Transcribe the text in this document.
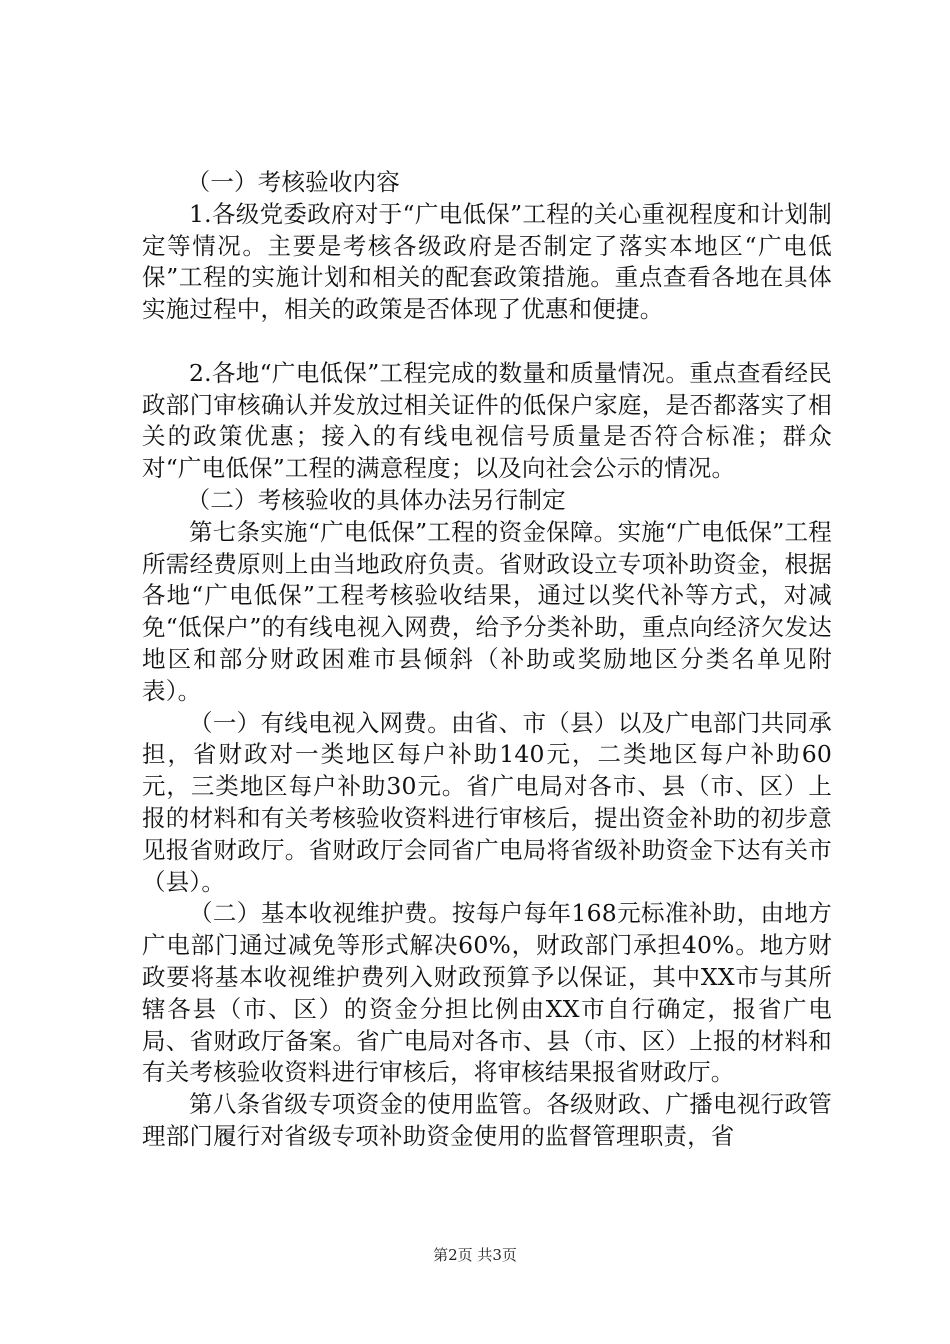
（一）考核验收内容

1.各级党委政府对于“广电低保”工程的关心重视程度和计划制定等情况。主要是考核各级政府是否制定了落实本地区“广电低保”工程的实施计划和相关的配套政策措施。重点查看各地在具体实施过程中，相关的政策是否体现了优惠和便捷。

2.各地“广电低保”工程完成的数量和质量情况。重点查看经民政部门审核确认并发放过相关证件的低保户家庭，是否都落实了相关的政策优惠；接入的有线电视信号质量是否符合标准；群众对“广电低保”工程的满意程度；以及向社会公示的情况。

（二）考核验收的具体办法另行制定

第七条实施“广电低保”工程的资金保障。实施“广电低保”工程所需经费原则上由当地政府负责。省财政设立专项补助资金，根据各地“广电低保”工程考核验收结果，通过以奖代补等方式，对减免“低保户”的有线电视入网费，给予分类补助，重点向经济欠发达地区和部分财政困难市县倾斜（补助或奖励地区分类名单见附表）。

（一）有线电视入网费。由省、市（县）以及广电部门共同承担，省财政对一类地区每户补助140元，二类地区每户补助60元，三类地区每户补助30元。省广电局对各市、县（市、区）上报的材料和有关考核验收资料进行审核后，提出资金补助的初步意见报省财政厅。省财政厅会同省广电局将省级补助资金下达有关市（县）。

（二）基本收视维护费。按每户每年168元标准补助，由地方广电部门通过减免等形式解决60%，财政部门承担40%。地方财政要将基本收视维护费列入财政预算予以保证，其中XX市与其所辖各县（市、区）的资金分担比例由XX市自行确定，报省广电局、省财政厅备案。省广电局对各市、县（市、区）上报的材料和有关考核验收资料进行审核后，将审核结果报省财政厅。

第八条省级专项资金的使用监管。各级财政、广播电视行政管理部门履行对省级专项补助资金使用的监督管理职责，省

第2页 共3页
